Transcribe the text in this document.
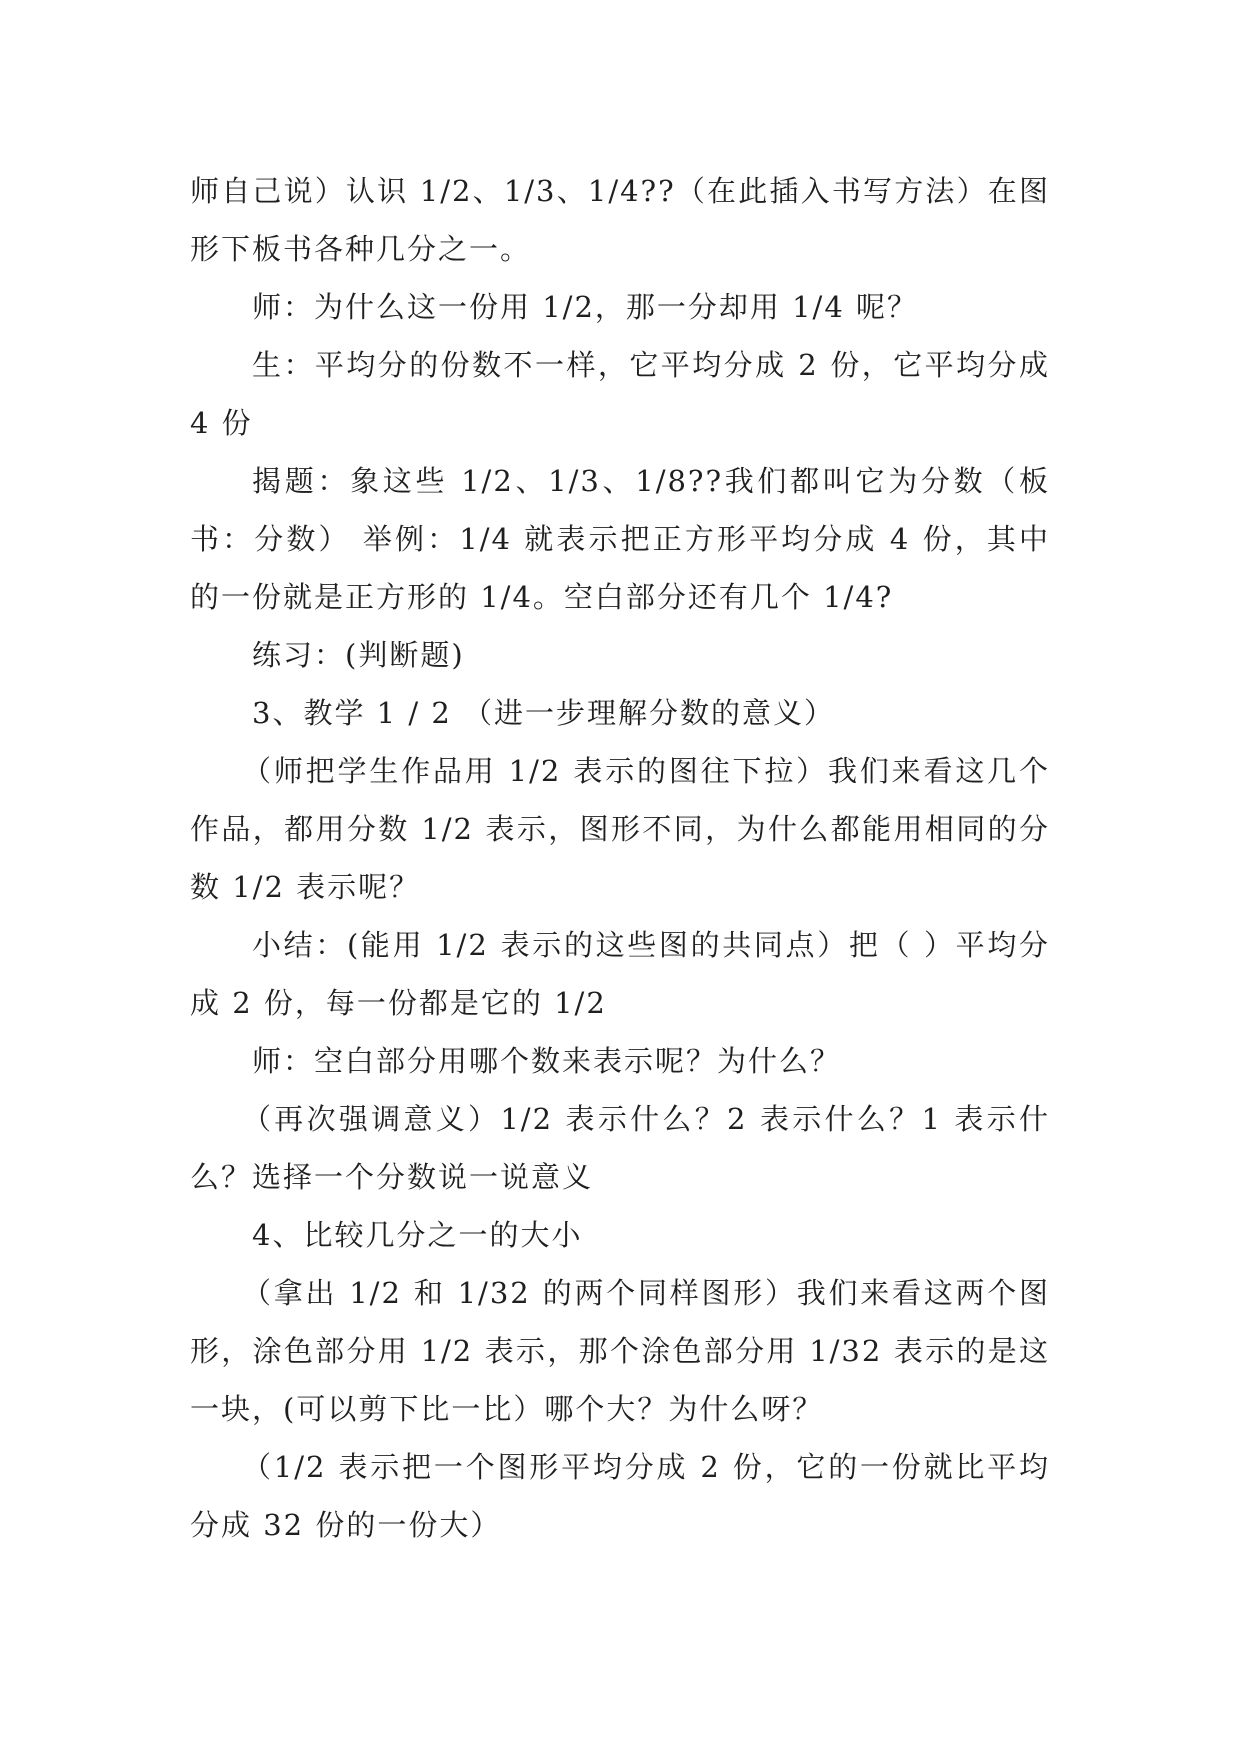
师自己说）认识 1/2、1/3、1/4??（在此插入书写方法）在图形下板书各种几分之一。

师：为什么这一份用 1/2，那一分却用 1/4 呢？

生：平均分的份数不一样，它平均分成 2 份，它平均分成 4 份

揭题：象这些 1/2、1/3、1/8??我们都叫它为分数（板书：分数） 举例：1/4 就表示把正方形平均分成 4 份，其中的一份就是正方形的 1/4。空白部分还有几个 1/4?

练习：(判断题)

3、教学 1 / 2 （进一步理解分数的意义）

（师把学生作品用 1/2 表示的图往下拉）我们来看这几个作品，都用分数 1/2 表示，图形不同，为什么都能用相同的分数 1/2 表示呢？

小结：(能用 1/2 表示的这些图的共同点）把（ ）平均分成 2 份，每一份都是它的 1/2

师：空白部分用哪个数来表示呢？为什么？

（再次强调意义）1/2 表示什么？2 表示什么？1 表示什么？选择一个分数说一说意义

4、比较几分之一的大小

（拿出 1/2 和 1/32 的两个同样图形）我们来看这两个图形，涂色部分用 1/2 表示，那个涂色部分用 1/32 表示的是这一块，(可以剪下比一比）哪个大？为什么呀？

（1/2 表示把一个图形平均分成 2 份，它的一份就比平均分成 32 份的一份大）
